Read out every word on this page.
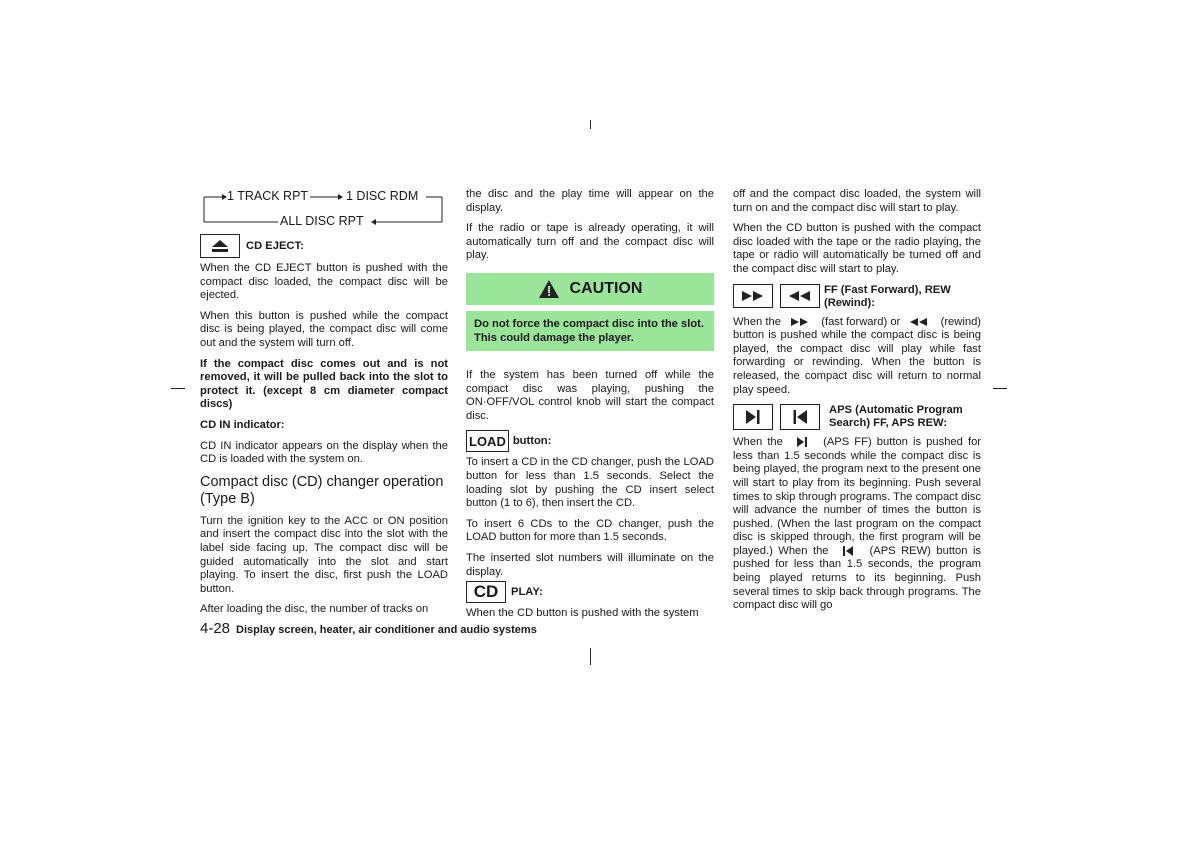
1 TRACK RPT	1 DISC RDM
ALL DISC RPT
CD EJECT:

When the CD EJECT button is pushed with the compact disc loaded, the compact disc will be ejected.

When this button is pushed while the compact disc is being played, the compact disc will come out and the system will turn off.

If the compact disc comes out and is not removed, it will be pulled back into the slot to protect it. (except 8 cm diameter compact discs)

CD IN indicator:

CD IN indicator appears on the display when the CD is loaded with the system on.

Compact disc (CD) changer operation (Type B)

Turn the ignition key to the ACC or ON position and insert the compact disc into the slot with the label side facing up. The compact disc will be guided automatically into the slot and start playing. To insert the disc, first push the LOAD button.

After loading the disc, the number of tracks on

the disc and the play time will appear on the display.

If the radio or tape is already operating, it will automatically turn off and the compact disc will play.

CAUTION
Do not force the compact disc into the slot. This could damage the player.

If the system has been turned off while the compact disc was playing, pushing the ON·OFF/VOL control knob will start the compact disc.

LOAD button:

To insert a CD in the CD changer, push the LOAD button for less than 1.5 seconds. Select the loading slot by pushing the CD insert select button (1 to 6), then insert the CD.

To insert 6 CDs to the CD changer, push the LOAD button for more than 1.5 seconds.

The inserted slot numbers will illuminate on the display.

CD	PLAY:

When the CD button is pushed with the system

off and the compact disc loaded, the system will turn on and the compact disc will start to play.

When the CD button is pushed with the compact disc loaded with the tape or the radio playing, the tape or radio will automatically be turned off and the compact disc will start to play.

FF (Fast Forward), REW (Rewind):

When the	(fast forward) or	(rewind) button is pushed while the compact disc is being played, the compact disc will play while fast forwarding or rewinding. When the button is released, the compact disc will return to normal play speed.

APS (Automatic Program Search) FF, APS REW:

When the	(APS FF) button is pushed for less than 1.5 seconds while the compact disc is being played, the program next to the present one will start to play from its beginning. Push several times to skip through programs. The compact disc will advance the number of times the button is pushed. (When the last program on the compact disc is skipped through, the first program will be played.) When the	(APS REW) button is pushed for less than 1.5 seconds, the program being played returns to its beginning. Push several times to skip back through programs. The compact disc will go

4-28 Display screen, heater, air conditioner and audio systems
